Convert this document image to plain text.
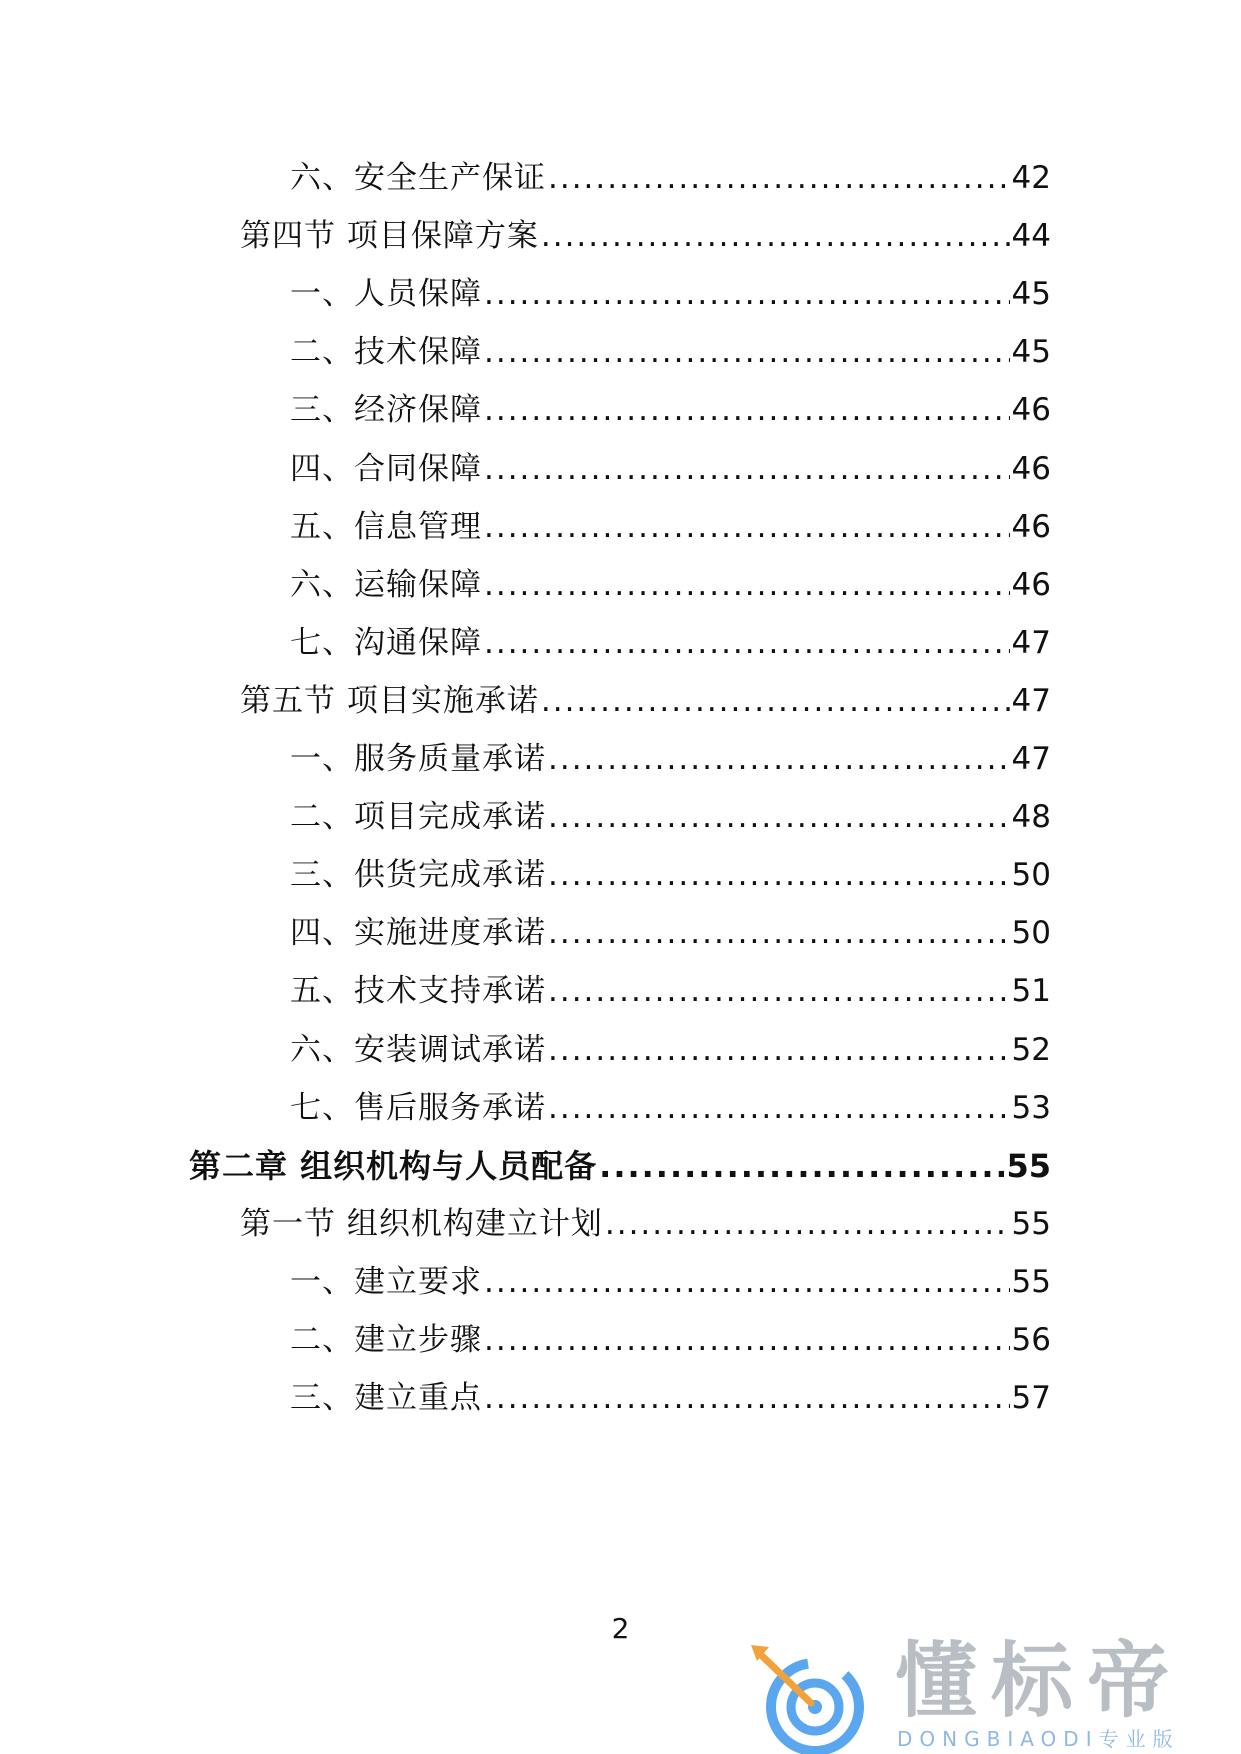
六、安全生产保证 .....	42
第四节 项目保障方案 .....	44
一、人员保障 .....	45
二、技术保障 .....	45
三、经济保障 .....	46
四、合同保障 .....	46
五、信息管理 .....	46
六、运输保障 .....	46
七、沟通保障 .....	47
第五节 项目实施承诺 .....	47
一、服务质量承诺 .....	47
二、项目完成承诺 .....	48
三、供货完成承诺 .....	50
四、实施进度承诺 .....	50
五、技术支持承诺 .....	51
六、安装调试承诺 .....	52
七、售后服务承诺 .....	53
第二章 组织机构与人员配备 .....	55
第一节 组织机构建立计划 .....	55
一、建立要求 .....	55
二、建立步骤 .....	56
三、建立重点 .....	57
2
懂标帝
DONGBIAODI专业版
